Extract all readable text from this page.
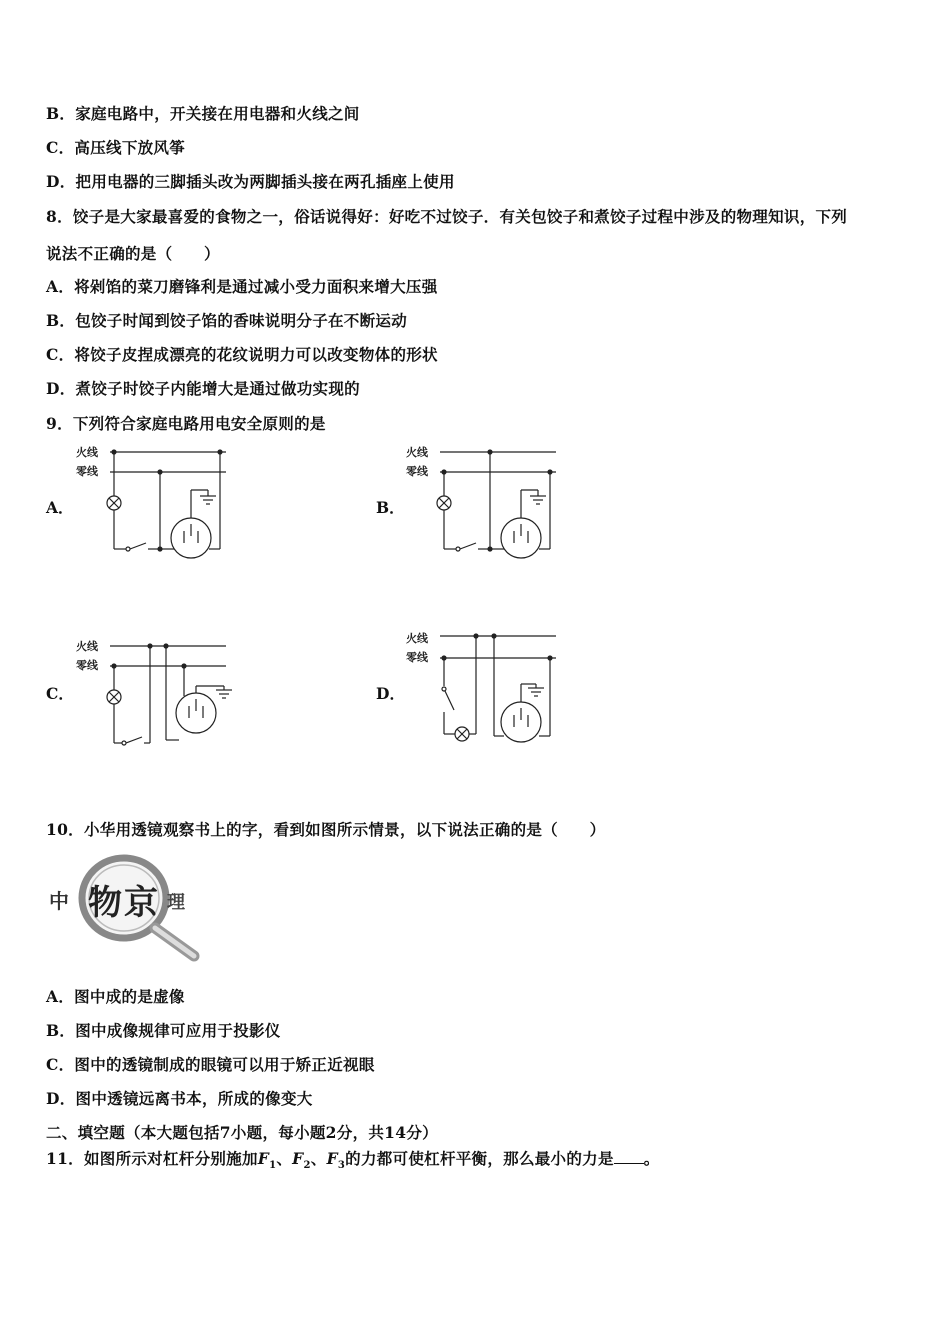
B．家庭电路中，开关接在用电器和火线之间
C．高压线下放风筝
D．把用电器的三脚插头改为两脚插头接在两孔插座上使用
8．饺子是大家最喜爱的食物之一，俗话说得好：好吃不过饺子．有关包饺子和煮饺子过程中涉及的物理知识，下列
说法不正确的是（　　）
A．将剁馅的菜刀磨锋利是通过减小受力面积来增大压强
B．包饺子时闻到饺子馅的香味说明分子在不断运动
C．将饺子皮捏成漂亮的花纹说明力可以改变物体的形状
D．煮饺子时饺子内能增大是通过做功实现的
9．下列符合家庭电路用电安全原则的是
A．	B．
C．	D．
火线
零线
火线
零线
火线
零线
火线
零线
10．小华用透镜观察书上的字，看到如图所示情景，以下说法正确的是（　　）
中 物 京 理
A．图中成的是虚像
B．图中成像规律可应用于投影仪
C．图中的透镜制成的眼镜可以用于矫正近视眼
D．图中透镜远离书本，所成的像变大
二、填空题（本大题包括7小题，每小题2分，共14分）
11．如图所示对杠杆分别施加$F_1$、$F_2$、$F_3$的力都可使杠杆平衡，那么最小的力是 。
